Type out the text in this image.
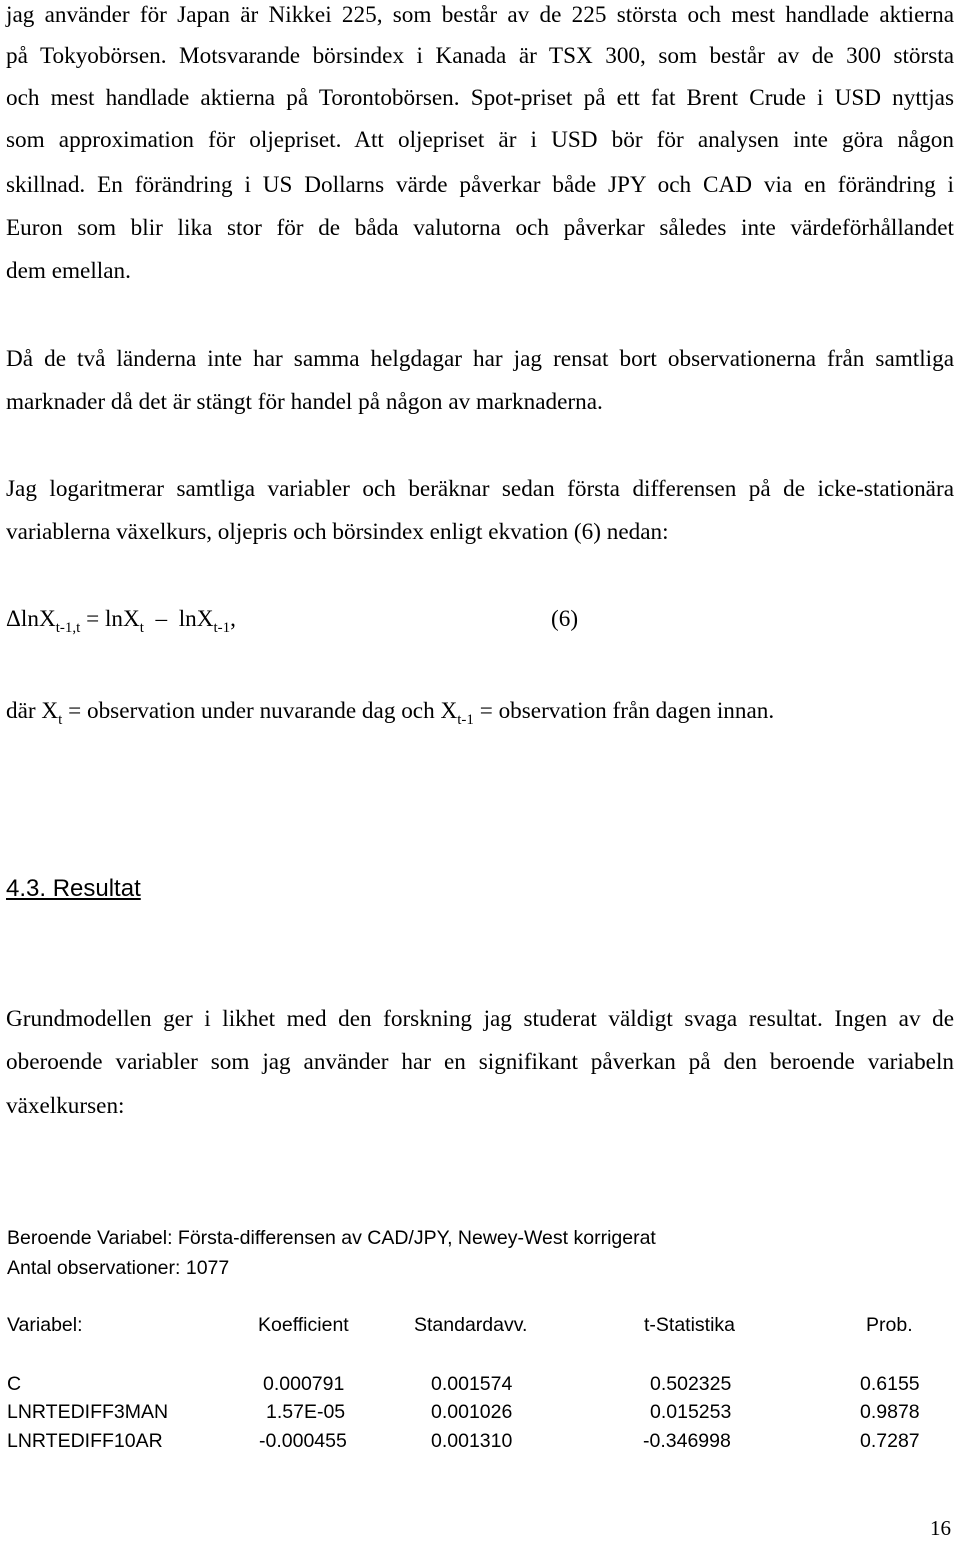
jag använder för Japan är Nikkei 225, som består av de 225 största och mest handlade aktierna
på Tokyobörsen. Motsvarande börsindex i Kanada är TSX 300, som består av de 300 största
och mest handlade aktierna på Torontobörsen. Spot-priset på ett fat Brent Crude i USD nyttjas
som approximation för oljepriset. Att oljepriset är i USD bör för analysen inte göra någon
skillnad. En förändring i US Dollarns värde påverkar både JPY och CAD via en förändring i
Euron som blir lika stor för de båda valutorna och påverkar således inte värdeförhållandet
dem emellan.
Då de två länderna inte har samma helgdagar har jag rensat bort observationerna från samtliga
marknader då det är stängt för handel på någon av marknaderna.
Jag logaritmerar samtliga variabler och beräknar sedan första differensen på de icke-stationära
variablerna växelkurs, oljepris och börsindex enligt ekvation (6) nedan:
ΔlnX$_{t-1,t}$ = lnX$_t$  –  lnX$_{t-1}$,	(6)
där $X_t$ = observation under nuvarande dag och $X_{t-1}$ = observation från dagen innan.
4.3. Resultat
Grundmodellen ger i likhet med den forskning jag studerat väldigt svaga resultat. Ingen av de
oberoende variabler som jag använder har en signifikant påverkan på den beroende variabeln
växelkursen:
Beroende Variabel: Första-differensen av CAD/JPY, Newey-West korrigerat
Antal observationer: 1077
Variabel:	Koefficient	Standardavv.	t-Statistika	Prob.
C	0.000791	0.001574	0.502325	0.6155
LNRTEDIFF3MAN	1.57E-05	0.001026	0.015253	0.9878
LNRTEDIFF10AR	-0.000455	0.001310	-0.346998	0.7287
16
